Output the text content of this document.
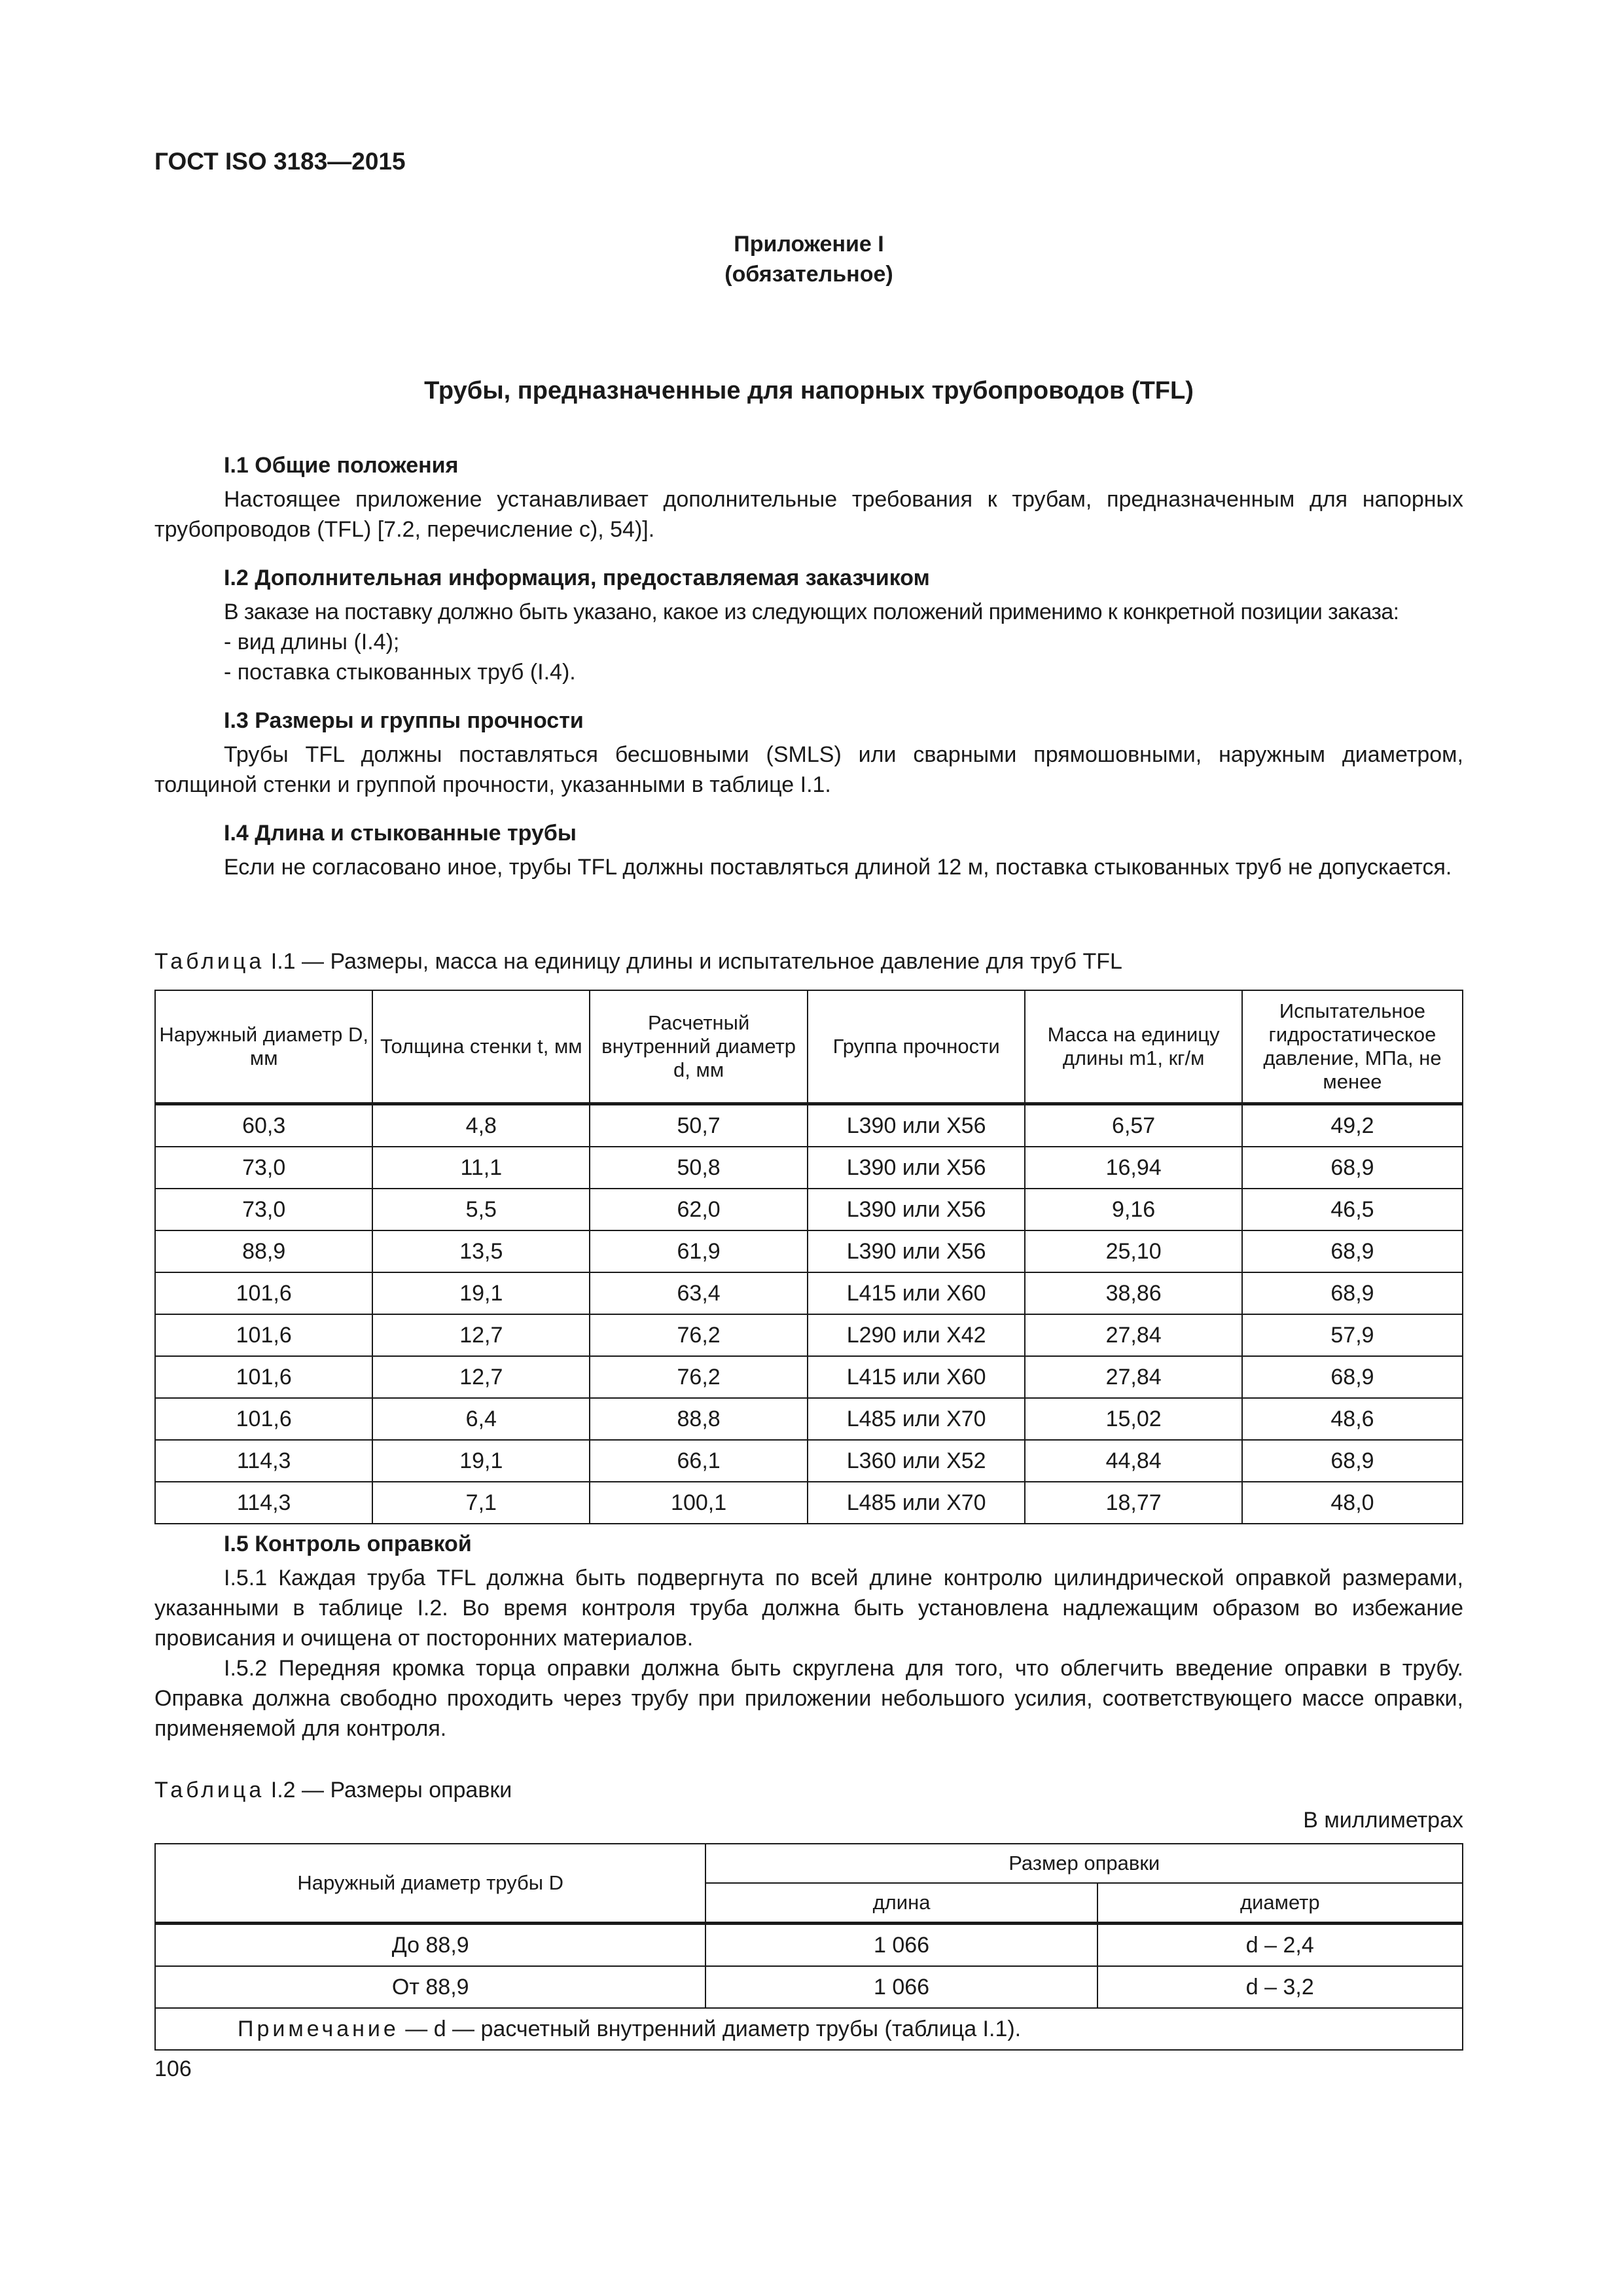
ГОСТ ISO 3183—2015
Приложение I
(обязательное)
Трубы, предназначенные для напорных трубопроводов (TFL)
I.1 Общие положения
Настоящее приложение устанавливает дополнительные требования к трубам, предназначенным для напорных трубопроводов (TFL) [7.2, перечисление с), 54)].
I.2 Дополнительная информация, предоставляемая заказчиком
В заказе на поставку должно быть указано, какое из следующих положений применимо к конкретной позиции заказа:
- вид длины (I.4);
- поставка стыкованных труб (I.4).
I.3 Размеры и группы прочности
Трубы TFL должны поставляться бесшовными (SMLS) или сварными прямошовными, наружным диаметром, толщиной стенки и группой прочности, указанными в таблице I.1.
I.4 Длина и стыкованные трубы
Если не согласовано иное, трубы TFL должны поставляться длиной 12 м, поставка стыкованных труб не допускается.
Таблица I.1 — Размеры, масса на единицу длины и испытательное давление для труб TFL
Наружный диаметр D, мм	Толщина стенки t, мм	Расчетный внутренний диаметр d, мм	Группа прочности	Масса на единицу длины m1, кг/м	Испытательное гидростатическое давление, МПа, не менее
60,3	4,8	50,7	L390 или X56	6,57	49,2
73,0	11,1	50,8	L390 или X56	16,94	68,9
73,0	5,5	62,0	L390 или X56	9,16	46,5
88,9	13,5	61,9	L390 или X56	25,10	68,9
101,6	19,1	63,4	L415 или X60	38,86	68,9
101,6	12,7	76,2	L290 или X42	27,84	57,9
101,6	12,7	76,2	L415 или X60	27,84	68,9
101,6	6,4	88,8	L485 или X70	15,02	48,6
114,3	19,1	66,1	L360 или X52	44,84	68,9
114,3	7,1	100,1	L485 или X70	18,77	48,0
I.5 Контроль оправкой
I.5.1 Каждая труба TFL должна быть подвергнута по всей длине контролю цилиндрической оправкой размерами, указанными в таблице I.2. Во время контроля труба должна быть установлена надлежащим образом во избежание провисания и очищена от посторонних материалов.
I.5.2 Передняя кромка торца оправки должна быть скруглена для того, что облегчить введение оправки в трубу. Оправка должна свободно проходить через трубу при приложении небольшого усилия, соответствующего массе оправки, применяемой для контроля.
Таблица I.2 — Размеры оправки
В миллиметрах
Наружный диаметр трубы D	Размер оправки	
	длина	диаметр
До 88,9	1 066	d – 2,4
От 88,9	1 066	d – 3,2
Примечание — d — расчетный внутренний диаметр трубы (таблица I.1).		
106
